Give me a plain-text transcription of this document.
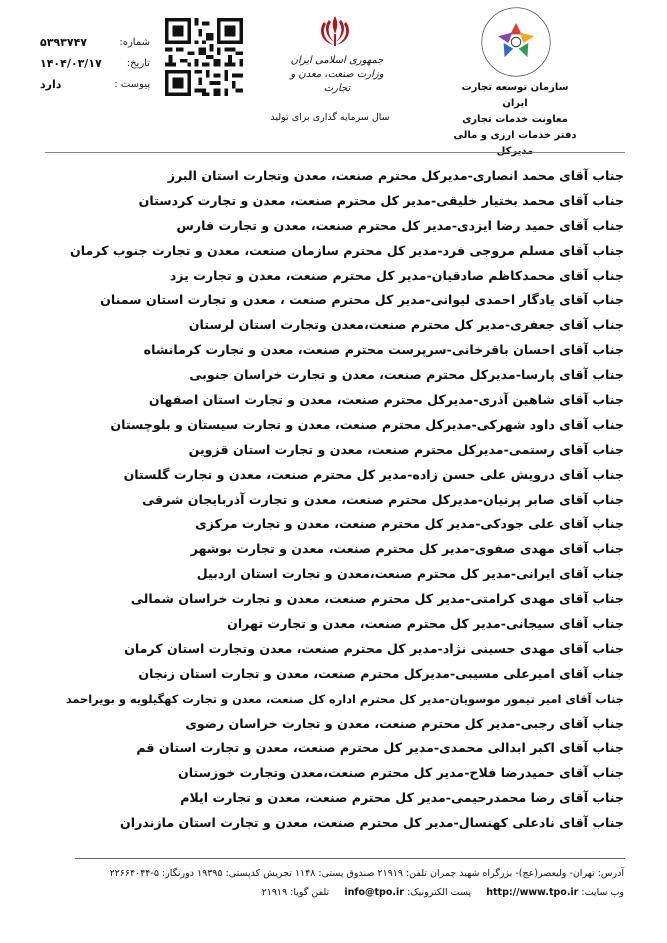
شماره:
۵۳۹۳۷۴۷
تاریخ:
۱۴۰۴/۰۳/۱۷
پیوست :
دارد
جمهوری اسلامی ایران
وزارت صنعت، معدن و تجارت
سال سرمایه گذاری برای تولید
سازمان توسعه تجارت ایران
معاونت خدمات تجاری
دفتر خدمات ارزی و مالی
جناب آقای محمد انصاری-مدیرکل محترم صنعت، معدن وتجارت استان البرز
جناب آقای محمد بختیار خلیقی-مدیر کل محترم صنعت، معدن و تجارت کردستان
جناب آقای حمید رضا ایزدی-مدیر کل محترم صنعت، معدن و تجارت فارس
جناب آقای مسلم مروجی فرد-مدیر کل محترم سازمان صنعت، معدن و تجارت جنوب کرمان
جناب آقای محمدکاظم صادقیان-مدیر کل محترم صنعت، معدن و تجارت یزد
جناب آقای یادگار احمدی لیوانی-مدیر کل محترم صنعت ، معدن و تجارت استان سمنان
جناب آقای جعفری-مدیر کل محترم صنعت،معدن وتجارت استان لرستان
جناب آقای احسان باقرخانی-سرپرست محترم صنعت، معدن و تجارت کرمانشاه
جناب آقای پارسا-مدیرکل محترم صنعت، معدن و تجارت خراسان جنوبی
جناب آقای شاهین آذری-مدیرکل محترم صنعت، معدن و تجارت استان اصفهان
جناب آقای داود شهرکی-مدیرکل محترم صنعت، معدن و تجارت سیستان و بلوچستان
جناب آقای رستمی-مدیرکل محترم صنعت، معدن و تجارت استان قزوین
جناب آقای درویش علی حسن زاده-مدیر کل محترم صنعت، معدن و تجارت گلستان
جناب آقای صابر پرنیان-مدیرکل محترم صنعت، معدن و تجارت آذربایجان شرقی
جناب آقای علی جودکی-مدیر کل محترم صنعت، معدن و تجارت مرکزی
جناب آقای مهدی صفوی-مدیر کل محترم صنعت، معدن و تجارت بوشهر
جناب آقای ایرانی-مدیر کل محترم صنعت،معدن و تجارت استان اردبیل
جناب آقای مهدی کرامتی-مدیر کل محترم صنعت، معدن و تجارت خراسان شمالی
جناب آقای سیجانی-مدیر کل محترم صنعت، معدن و تجارت تهران
جناب آقای مهدی حسینی نژاد-مدیر کل محترم صنعت، معدن وتجارت استان کرمان
جناب آقای امیرعلی مسیبی-مدیرکل محترم صنعت، معدن و تجارت استان زنجان
جناب آقای امیر تیمور موسویان-مدیر کل محترم اداره کل صنعت، معدن و تجارت کهگیلویه و بویراحمد
جناب آقای رجبی-مدیر کل محترم صنعت، معدن و تجارت خراسان رضوی
جناب آقای اکبر ابدالی محمدی-مدیر کل محترم صنعت، معدن و تجارت استان قم
جناب آقای حمیدرضا فلاح-مدیر کل محترم صنعت،معدن وتجارت خوزستان
جناب آقای رضا محمدرحیمی-مدیر کل محترم صنعت، معدن و تجارت ایلام
جناب آقای نادعلی کهنسال-مدیر کل محترم صنعت، معدن و تجارت استان مازندران
آدرس: تهران- ولیعصر(عج)- بزرگراه شهید چمران تلفن: ۲۱۹۱۹ صندوق پستی: ۱۱۴۸ تجریش کدپستی: ۱۹۳۹۵ دورنگار: ۵-۲۲۶۶۴۰۴۴
وب سایت: http://www.tpo.ir     پست الکترونیک: info@tpo.ir     تلفن گویا: ۲۱۹۱۹
